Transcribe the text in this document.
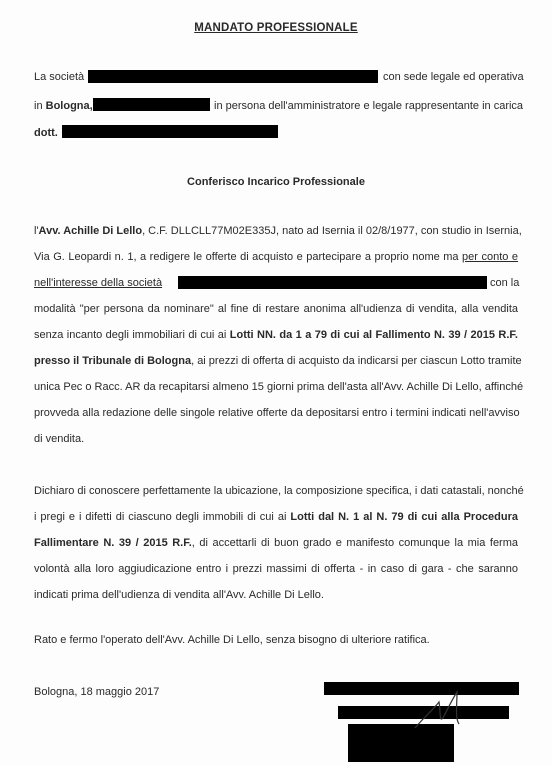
MANDATO PROFESSIONALE
La società	con sede legale ed operativa
in Bologna,	in persona dell'amministratore e legale rappresentante in carica
dott.
Conferisco Incarico Professionale
l'Avv. Achille Di Lello, C.F. DLLCLL77M02E335J, nato ad Isernia il 02/8/1977, con studio in Isernia,
Via G. Leopardi n. 1, a redigere le offerte di acquisto e partecipare a proprio nome ma per conto e
nell'interesse della società	con la
modalità "per persona da nominare" al fine di restare anonima all'udienza di vendita, alla vendita
senza incanto degli immobiliari di cui ai Lotti NN. da 1 a 79 di cui al Fallimento N. 39 / 2015 R.F.
presso il Tribunale di Bologna, ai prezzi di offerta di acquisto da indicarsi per ciascun Lotto tramite
unica Pec o Racc. AR da recapitarsi almeno 15 giorni prima dell'asta all'Avv. Achille Di Lello, affinché
provveda alla redazione delle singole relative offerte da depositarsi entro i termini indicati nell'avviso
di vendita.
Dichiaro di conoscere perfettamente la ubicazione, la composizione specifica, i dati catastali, nonché
i pregi e i difetti di ciascuno degli immobili di cui ai Lotti dal N. 1 al N. 79 di cui alla Procedura
Fallimentare N. 39 / 2015 R.F., di accettarli di buon grado e manifesto comunque la mia ferma
volontà alla loro aggiudicazione entro i prezzi massimi di offerta - in caso di gara - che saranno
indicati prima dell'udienza di vendita all'Avv. Achille Di Lello.
Rato e fermo l'operato dell'Avv. Achille Di Lello, senza bisogno di ulteriore ratifica.
Bologna, 18 maggio 2017
